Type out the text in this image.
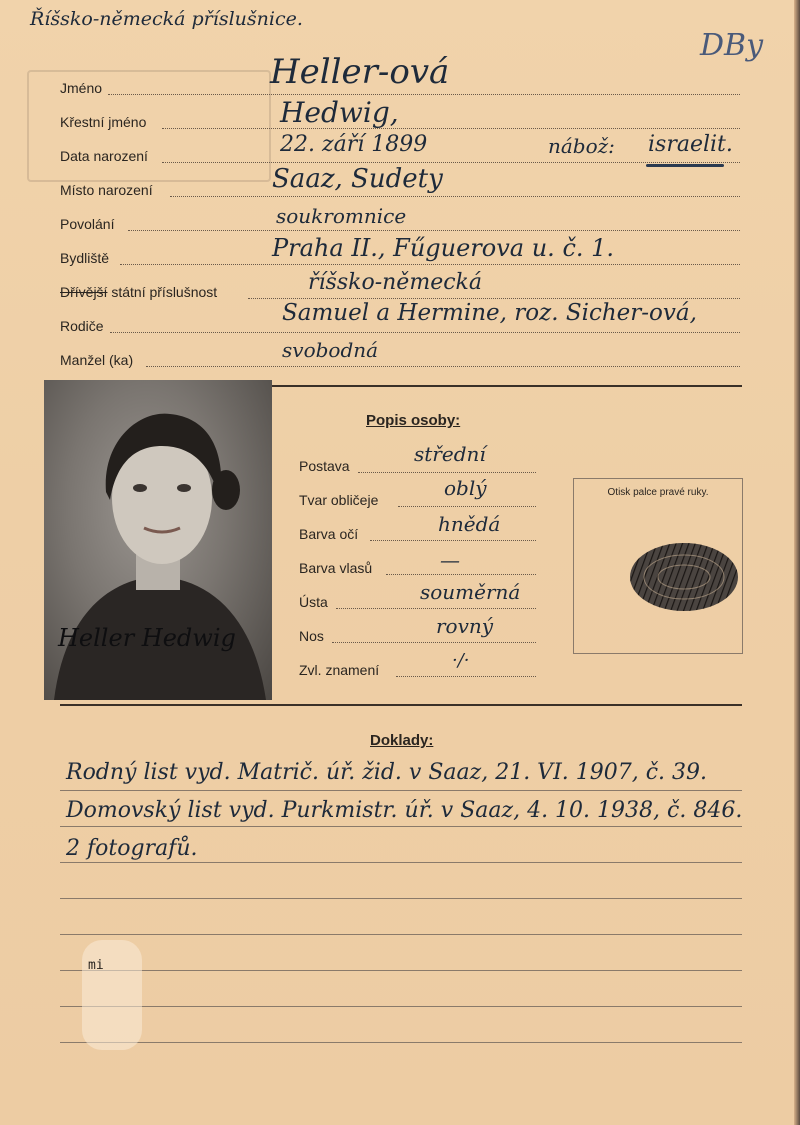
Říšsko-německá příslušnice.
DBy
Jméno	Heller-ová
Křestní jméno	Hedwig,
Data narození	22. září 1899	nábož: israelit.
Místo narození	Saaz, Sudety
Povolání	soukromnice
Bydliště	Praha II., Fűguerova u. č. 1.
Dřívější státní příslušnost	říšsko-německá
Rodiče	Samuel a Hermine, roz. Sicher-ová,
Manžel (ka)	svobodná
Heller Hedwig
Popis osoby:
Postava	střední
Tvar obličeje	oblý
Barva očí	hnědá
Barva vlasů	—
Ústa	souměrná
Nos	rovný
Zvl. znamení	·/·
Otisk palce pravé ruky.
Doklady:
Rodný list vyd. Matrič. úř. žid. v Saaz, 21. VI. 1907, č. 39.
Domovský list vyd. Purkmistr. úř. v Saaz, 4. 10. 1938, č. 846.
2 fotografů.
mi
